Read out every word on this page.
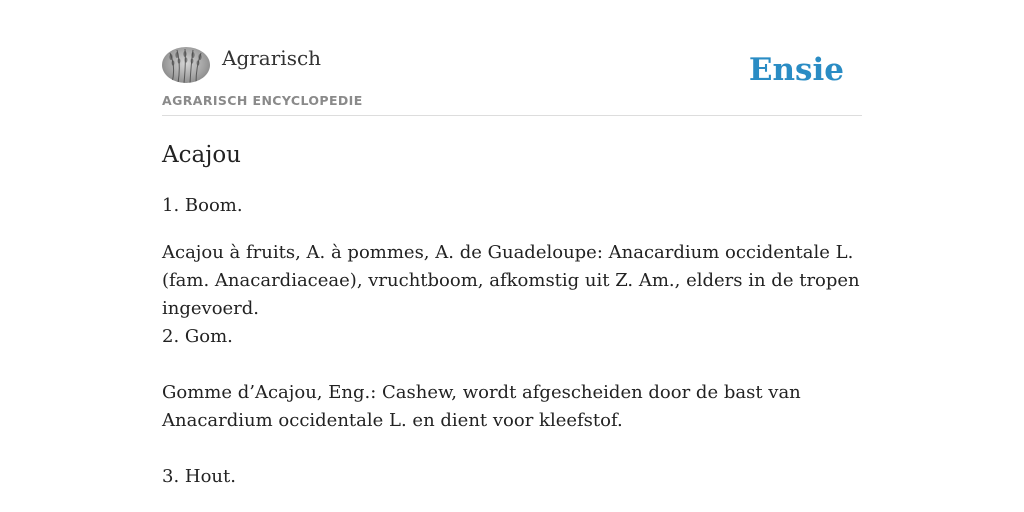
Agrarisch
AGRARISCH ENCYCLOPEDIE
Ensie
Acajou

1. Boom.

Acajou à fruits, A. à pommes, A. de Guadeloupe: Anacardium occidentale L. (fam. Anacardiaceae), vruchtboom, afkomstig uit Z. Am., elders in de tropen ingevoerd.

2. Gom.

Gomme d’Acajou, Eng.: Cashew, wordt afgescheiden door de bast van Anacardium occidentale L. en dient voor kleefstof.

3. Hout.
